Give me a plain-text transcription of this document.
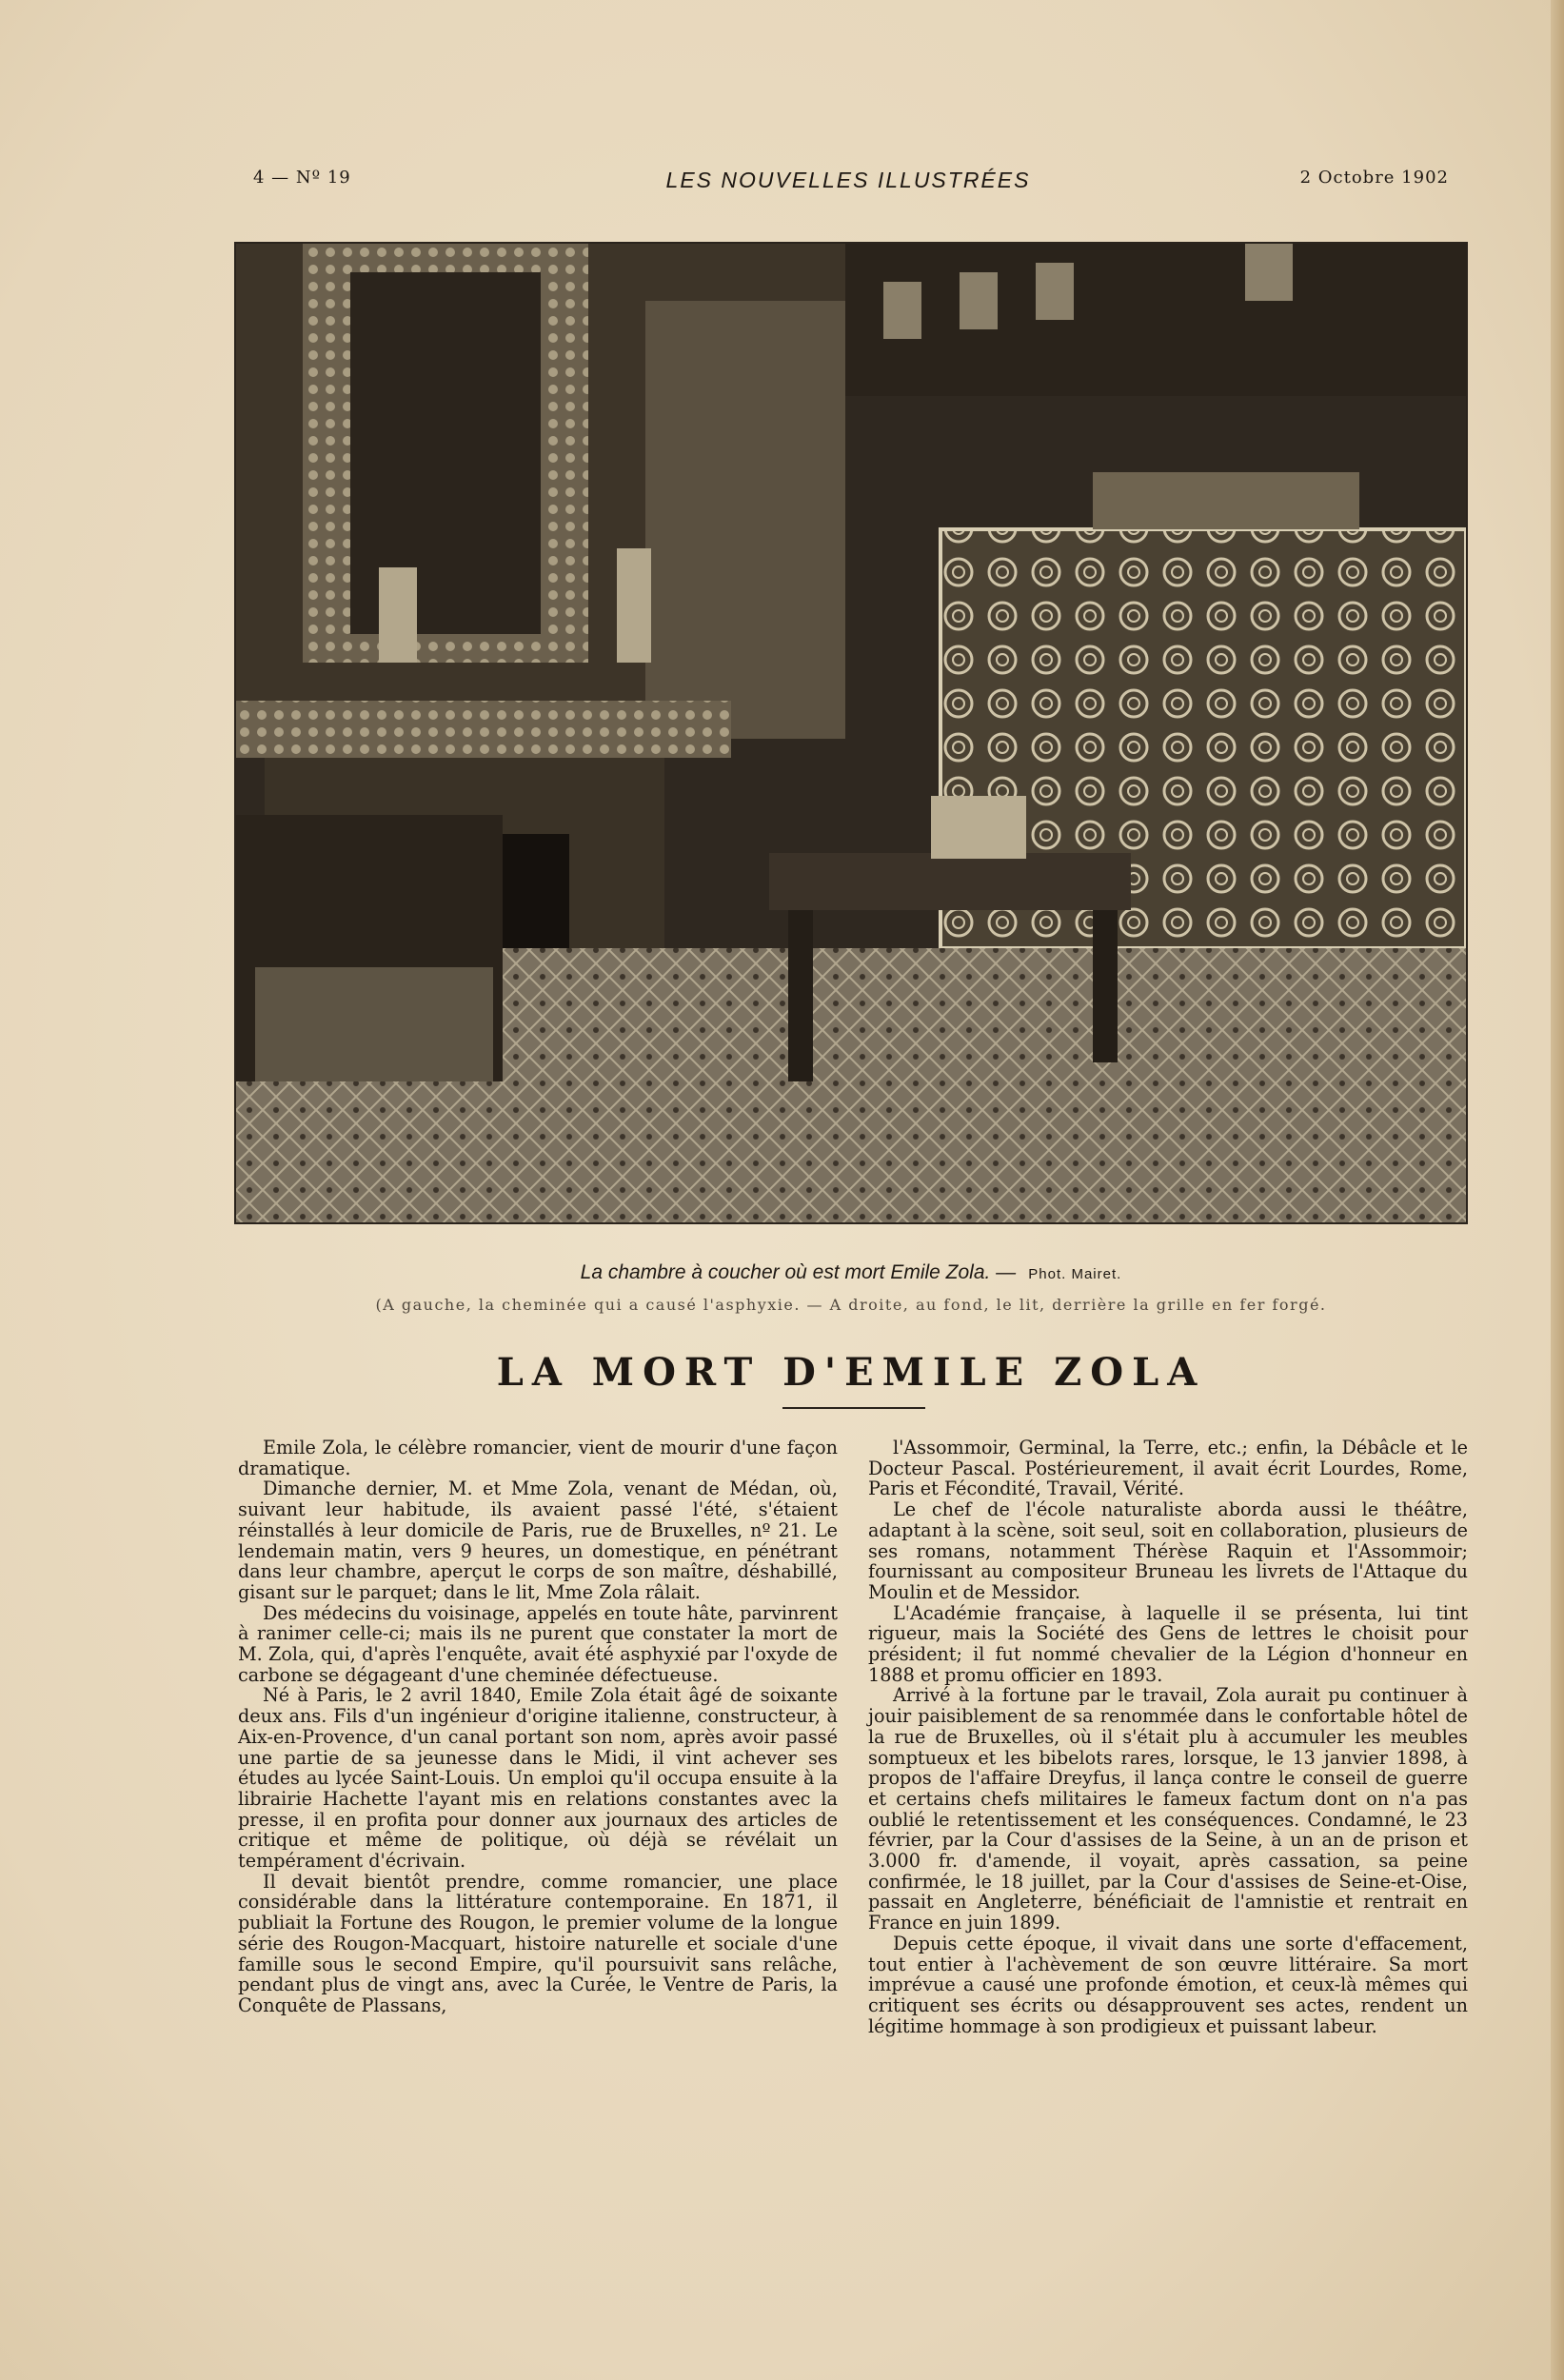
4 — Nº 19	LES NOUVELLES ILLUSTRÉES	2 Octobre 1902
La chambre à coucher où est mort Emile Zola. — Phot. Mairet.
(A gauche, la cheminée qui a causé l'asphyxie. — A droite, au fond, le lit, derrière la grille en fer forgé.
LA MORT D'EMILE ZOLA

Emile Zola, le célèbre romancier, vient de mourir d'une façon dramatique.

Dimanche dernier, M. et Mme Zola, venant de Médan, où, suivant leur habitude, ils avaient passé l'été, s'étaient réinstallés à leur domicile de Paris, rue de Bruxelles, nº 21. Le lendemain matin, vers 9 heures, un domestique, en pénétrant dans leur chambre, aperçut le corps de son maître, déshabillé, gisant sur le parquet; dans le lit, Mme Zola râlait.

Des médecins du voisinage, appelés en toute hâte, parvinrent à ranimer celle-ci; mais ils ne purent que constater la mort de M. Zola, qui, d'après l'enquête, avait été asphyxié par l'oxyde de carbone se dégageant d'une cheminée défectueuse.

Né à Paris, le 2 avril 1840, Emile Zola était âgé de soixante deux ans. Fils d'un ingénieur d'origine italienne, constructeur, à Aix-en-Provence, d'un canal portant son nom, après avoir passé une partie de sa jeunesse dans le Midi, il vint achever ses études au lycée Saint-Louis. Un emploi qu'il occupa ensuite à la librairie Hachette l'ayant mis en relations constantes avec la presse, il en profita pour donner aux journaux des articles de critique et même de politique, où déjà se révélait un tempérament d'écrivain.

Il devait bientôt prendre, comme romancier, une place considérable dans la littérature contemporaine. En 1871, il publiait la Fortune des Rougon, le premier volume de la longue série des Rougon-Macquart, histoire naturelle et sociale d'une famille sous le second Empire, qu'il poursuivit sans relâche, pendant plus de vingt ans, avec la Curée, le Ventre de Paris, la Conquête de Plassans,

l'Assommoir, Germinal, la Terre, etc.; enfin, la Débâcle et le Docteur Pascal. Postérieurement, il avait écrit Lourdes, Rome, Paris et Fécondité, Travail, Vérité.

Le chef de l'école naturaliste aborda aussi le théâtre, adaptant à la scène, soit seul, soit en collaboration, plusieurs de ses romans, notamment Thérèse Raquin et l'Assommoir; fournissant au compositeur Bruneau les livrets de l'Attaque du Moulin et de Messidor.

L'Académie française, à laquelle il se présenta, lui tint rigueur, mais la Société des Gens de lettres le choisit pour président; il fut nommé chevalier de la Légion d'honneur en 1888 et promu officier en 1893.

Arrivé à la fortune par le travail, Zola aurait pu continuer à jouir paisiblement de sa renommée dans le confortable hôtel de la rue de Bruxelles, où il s'était plu à accumuler les meubles somptueux et les bibelots rares, lorsque, le 13 janvier 1898, à propos de l'affaire Dreyfus, il lança contre le conseil de guerre et certains chefs militaires le fameux factum dont on n'a pas oublié le retentissement et les conséquences. Condamné, le 23 février, par la Cour d'assises de la Seine, à un an de prison et 3.000 fr. d'amende, il voyait, après cassation, sa peine confirmée, le 18 juillet, par la Cour d'assises de Seine-et-Oise, passait en Angleterre, bénéficiait de l'amnistie et rentrait en France en juin 1899.

Depuis cette époque, il vivait dans une sorte d'effacement, tout entier à l'achèvement de son œuvre littéraire. Sa mort imprévue a causé une profonde émotion, et ceux-là mêmes qui critiquent ses écrits ou désapprouvent ses actes, rendent un légitime hommage à son prodigieux et puissant labeur.
